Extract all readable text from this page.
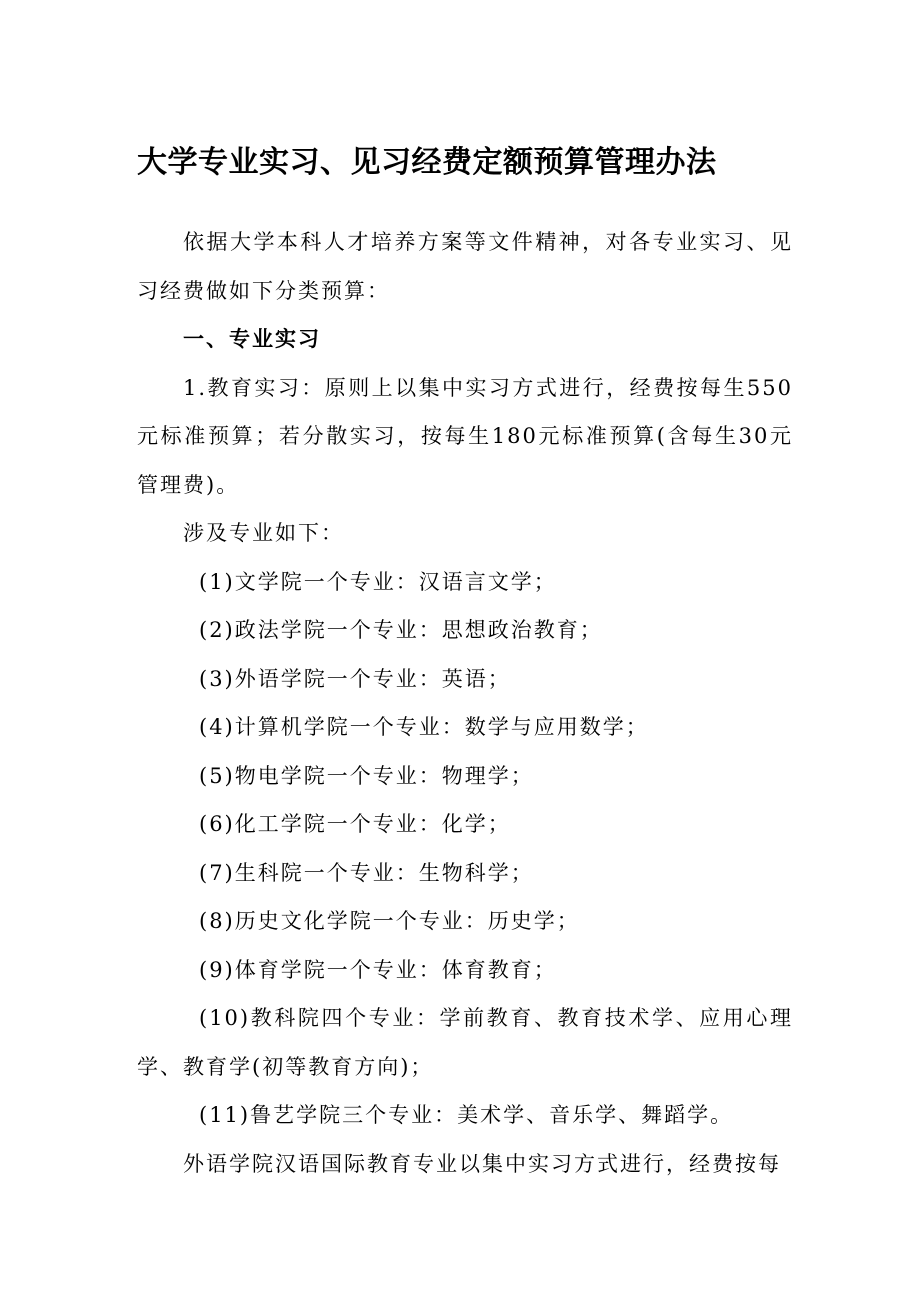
大学专业实习、见习经费定额预算管理办法

依据大学本科人才培养方案等文件精神，对各专业实习、见习经费做如下分类预算：

一、专业实习

1.教育实习：原则上以集中实习方式进行，经费按每生550元标准预算；若分散实习，按每生180元标准预算(含每生30元管理费)。

涉及专业如下：

(1)文学院一个专业：汉语言文学；

(2)政法学院一个专业：思想政治教育；

(3)外语学院一个专业：英语；

(4)计算机学院一个专业：数学与应用数学；

(5)物电学院一个专业：物理学；

(6)化工学院一个专业：化学；

(7)生科院一个专业：生物科学；

(8)历史文化学院一个专业：历史学；

(9)体育学院一个专业：体育教育；

(10)教科院四个专业：学前教育、教育技术学、应用心理学、教育学(初等教育方向)；

(11)鲁艺学院三个专业：美术学、音乐学、舞蹈学。

外语学院汉语国际教育专业以集中实习方式进行，经费按每
